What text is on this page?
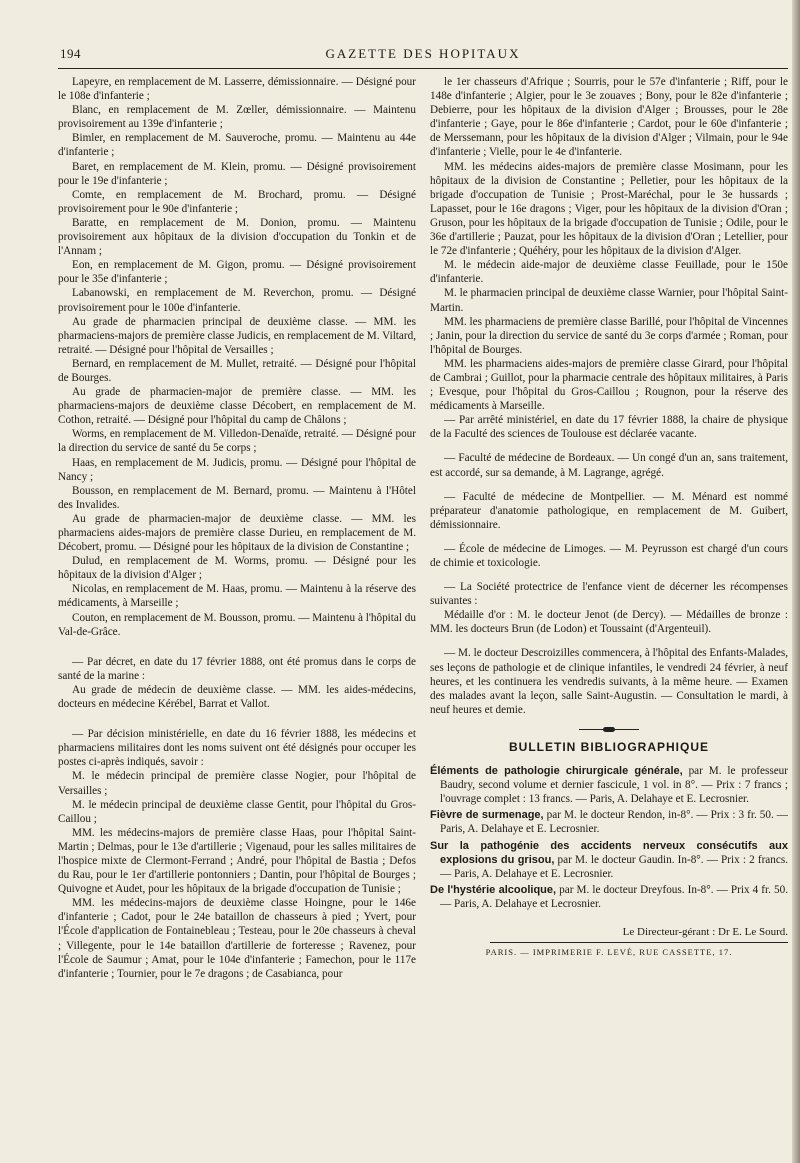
194	GAZETTE DES HOPITAUX

Lapeyre, en remplacement de M. Lasserre, démissionnaire. — Désigné pour le 108e d'infanterie ;

Blanc, en remplacement de M. Zœller, démissionnaire. — Maintenu provisoirement au 139e d'infanterie ;

Bimler, en remplacement de M. Sauveroche, promu. — Maintenu au 44e d'infanterie ;

Baret, en remplacement de M. Klein, promu. — Désigné provisoirement pour le 19e d'infanterie ;

Comte, en remplacement de M. Brochard, promu. — Désigné provisoirement pour le 90e d'infanterie ;

Baratte, en remplacement de M. Donion, promu. — Maintenu provisoirement aux hôpitaux de la division d'occupation du Tonkin et de l'Annam ;

Eon, en remplacement de M. Gigon, promu. — Désigné provisoirement pour le 35e d'infanterie ;

Labanowski, en remplacement de M. Reverchon, promu. — Désigné provisoirement pour le 100e d'infanterie.

Au grade de pharmacien principal de deuxième classe. — MM. les pharmaciens-majors de première classe Judicis, en remplacement de M. Viltard, retraité. — Désigné pour l'hôpital de Versailles ;

Bernard, en remplacement de M. Mullet, retraité. — Désigné pour l'hôpital de Bourges.

Au grade de pharmacien-major de première classe. — MM. les pharmaciens-majors de deuxième classe Décobert, en remplacement de M. Cothon, retraité. — Désigné pour l'hôpital du camp de Châlons ;

Worms, en remplacement de M. Villedon-Denaïde, retraité. — Désigné pour la direction du service de santé du 5e corps ;

Haas, en remplacement de M. Judicis, promu. — Désigné pour l'hôpital de Nancy ;

Bousson, en remplacement de M. Bernard, promu. — Maintenu à l'Hôtel des Invalides.

Au grade de pharmacien-major de deuxième classe. — MM. les pharmaciens aides-majors de première classe Durieu, en remplacement de M. Décobert, promu. — Désigné pour les hôpitaux de la division de Constantine ;

Dulud, en remplacement de M. Worms, promu. — Désigné pour les hôpitaux de la division d'Alger ;

Nicolas, en remplacement de M. Haas, promu. — Maintenu à la réserve des médicaments, à Marseille ;

Couton, en remplacement de M. Bousson, promu. — Maintenu à l'hôpital du Val-de-Grâce.

— Par décret, en date du 17 février 1888, ont été promus dans le corps de santé de la marine :

Au grade de médecin de deuxième classe. — MM. les aides-médecins, docteurs en médecine Kérébel, Barrat et Vallot.

— Par décision ministérielle, en date du 16 février 1888, les médecins et pharmaciens militaires dont les noms suivent ont été désignés pour occuper les postes ci-après indiqués, savoir :

M. le médecin principal de première classe Nogier, pour l'hôpital de Versailles ;

M. le médecin principal de deuxième classe Gentit, pour l'hôpital du Gros-Caillou ;

MM. les médecins-majors de première classe Haas, pour l'hôpital Saint-Martin ; Delmas, pour le 13e d'artillerie ; Vigenaud, pour les salles militaires de l'hospice mixte de Clermont-Ferrand ; André, pour l'hôpital de Bastia ; Defos du Rau, pour le 1er d'artillerie pontonniers ; Dantin, pour l'hôpital de Bourges ; Quivogne et Audet, pour les hôpitaux de la brigade d'occupation de Tunisie ;

MM. les médecins-majors de deuxième classe Hoingne, pour le 146e d'infanterie ; Cadot, pour le 24e bataillon de chasseurs à pied ; Yvert, pour l'École d'application de Fontainebleau ; Testeau, pour le 20e chasseurs à cheval ; Villegente, pour le 14e bataillon d'artillerie de forteresse ; Ravenez, pour l'École de Saumur ; Amat, pour le 104e d'infanterie ; Famechon, pour le 117e d'infanterie ; Tournier, pour le 7e dragons ; de Casabianca, pour

le 1er chasseurs d'Afrique ; Sourris, pour le 57e d'infanterie ; Riff, pour le 148e d'infanterie ; Algier, pour le 3e zouaves ; Bony, pour le 82e d'infanterie ; Debierre, pour les hôpitaux de la division d'Alger ; Brousses, pour le 28e d'infanterie ; Gaye, pour le 86e d'infanterie ; Cardot, pour le 60e d'infanterie ; de Merssemann, pour les hôpitaux de la division d'Alger ; Vilmain, pour le 94e d'infanterie ; Vielle, pour le 4e d'infanterie.

MM. les médecins aides-majors de première classe Mosimann, pour les hôpitaux de la division de Constantine ; Pelletier, pour les hôpitaux de la brigade d'occupation de Tunisie ; Prost-Maréchal, pour le 3e hussards ; Lapasset, pour le 16e dragons ; Viger, pour les hôpitaux de la division d'Oran ; Gruson, pour les hôpitaux de la brigade d'occupation de Tunisie ; Odile, pour le 36e d'artillerie ; Pauzat, pour les hôpitaux de la division d'Oran ; Letellier, pour le 72e d'infanterie ; Quéhéry, pour les hôpitaux de la division d'Alger.

M. le médecin aide-major de deuxième classe Feuillade, pour le 150e d'infanterie.

M. le pharmacien principal de deuxième classe Warnier, pour l'hôpital Saint-Martin.

MM. les pharmaciens de première classe Barillé, pour l'hôpital de Vincennes ; Janin, pour la direction du service de santé du 3e corps d'armée ; Roman, pour l'hôpital de Bourges.

MM. les pharmaciens aides-majors de première classe Girard, pour l'hôpital de Cambrai ; Guillot, pour la pharmacie centrale des hôpitaux militaires, à Paris ; Evesque, pour l'hôpital du Gros-Caillou ; Rougnon, pour la réserve des médicaments à Marseille.

— Par arrêté ministériel, en date du 17 février 1888, la chaire de physique de la Faculté des sciences de Toulouse est déclarée vacante.

— Faculté de médecine de Bordeaux. — Un congé d'un an, sans traitement, est accordé, sur sa demande, à M. Lagrange, agrégé.

— Faculté de médecine de Montpellier. — M. Ménard est nommé préparateur d'anatomie pathologique, en remplacement de M. Guibert, démissionnaire.

— École de médecine de Limoges. — M. Peyrusson est chargé d'un cours de chimie et toxicologie.

— La Société protectrice de l'enfance vient de décerner les récompenses suivantes :

Médaille d'or : M. le docteur Jenot (de Dercy). — Médailles de bronze : MM. les docteurs Brun (de Lodon) et Toussaint (d'Argenteuil).

— M. le docteur Descroizilles commencera, à l'hôpital des Enfants-Malades, ses leçons de pathologie et de clinique infantiles, le vendredi 24 février, à neuf heures, et les continuera les vendredis suivants, à la même heure. — Examen des malades avant la leçon, salle Saint-Augustin. — Consultation le mardi, à neuf heures et demie.

BULLETIN BIBLIOGRAPHIQUE

Éléments de pathologie chirurgicale générale, par M. le professeur Baudry, second volume et dernier fascicule, 1 vol. in 8°. — Prix : 7 francs ; l'ouvrage complet : 13 francs. — Paris, A. Delahaye et E. Lecrosnier.

Fièvre de surmenage, par M. le docteur Rendon, in-8°. — Prix : 3 fr. 50. — Paris, A. Delahaye et E. Lecrosnier.

Sur la pathogénie des accidents nerveux consécutifs aux explosions du grisou, par M. le docteur Gaudin. In-8°. — Prix : 2 francs. — Paris, A. Delahaye et E. Lecrosnier.

De l'hystérie alcoolique, par M. le docteur Dreyfous. In-8°. — Prix 4 fr. 50. — Paris, A. Delahaye et Lecrosnier.

Le Directeur-gérant : Dr E. Le Sourd.
PARIS. — IMPRIMERIE F. LEVÉ, RUE CASSETTE, 17.
